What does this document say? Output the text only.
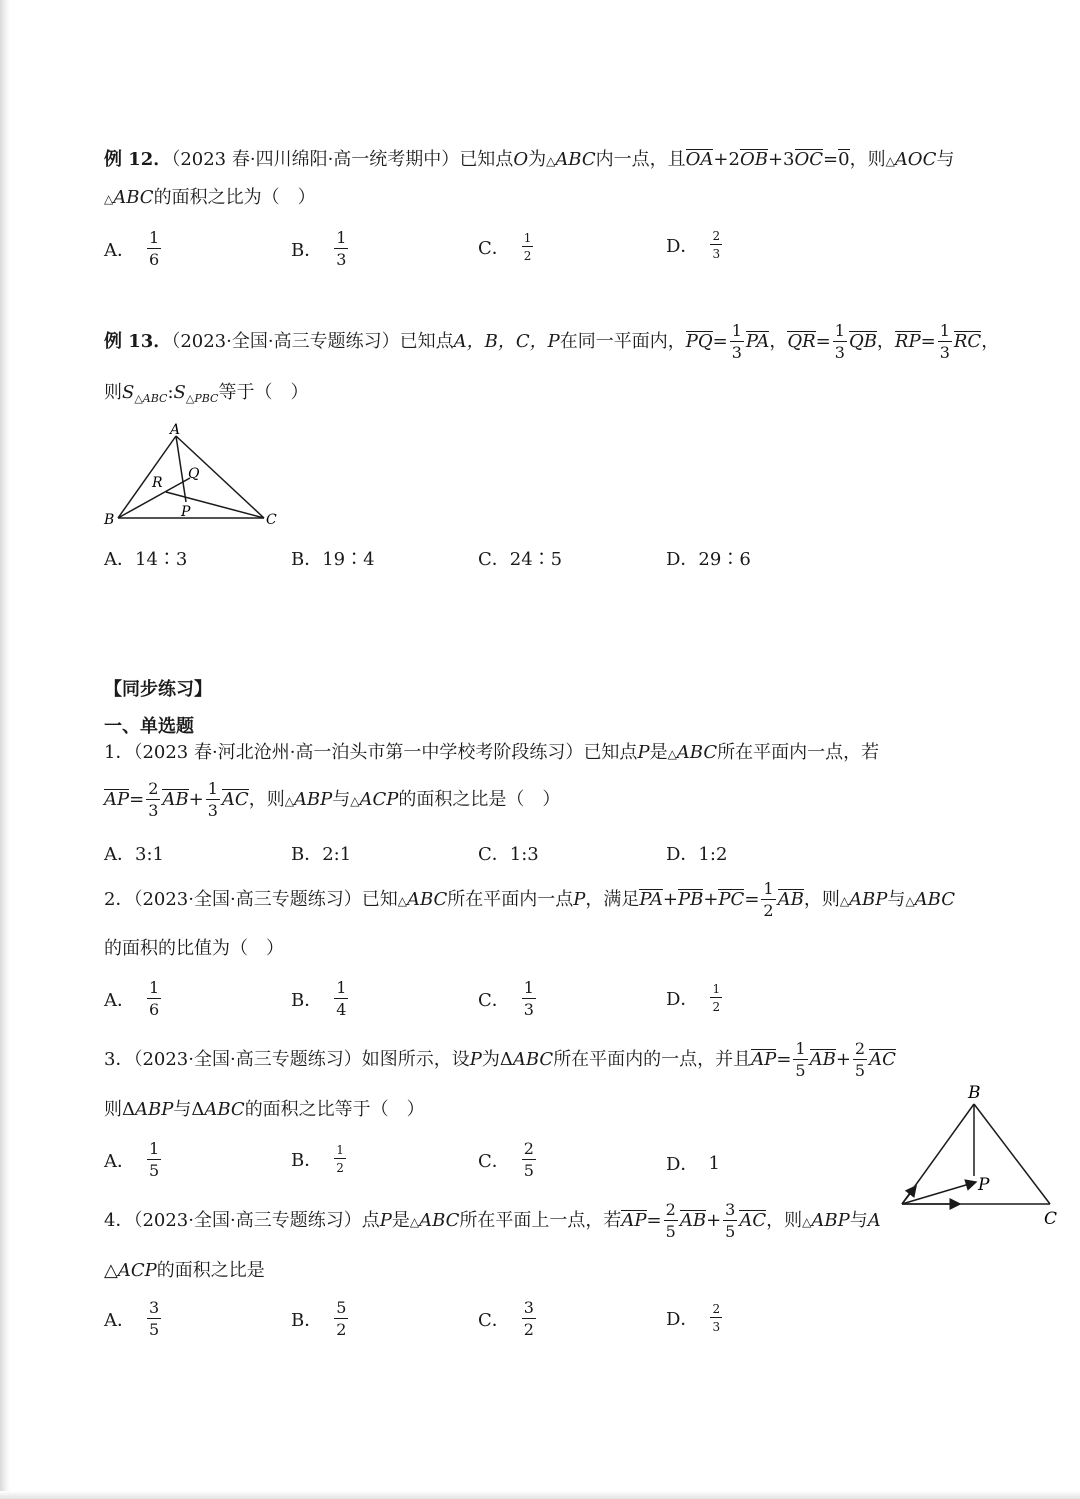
例 12．（2023 春·四川绵阳·高一统考期中）已知点O为△ABC内一点，且OA+2OB+3OC=0，则△AOC与
△ABC的面积之比为（　）
A． $\frac{1}{6}$	B． $\frac{1}{3}$	C． $\frac{1}{2}$	D． $\frac{2}{3}$
例 13．（2023·全国·高三专题练习）已知点A，B，C，P在同一平面内，$PQ= \frac{1}{3}$ PA，$QR= \frac{1}{3}$ QB，$RP= \frac{1}{3}$ RC，
则$S_{\triangle ABC}:S_{\triangle PBC}$等于（　）
A
B	C
R
Q
P
A．14∶3	B．19∶4	C．24∶5	D．29∶6
【同步练习】
一、单选题
1．（2023 春·河北沧州·高一泊头市第一中学校考阶段练习）已知点P是△ABC所在平面内一点，若
$AP= \frac{2}{3} AB+ \frac{1}{3}$ AC，则△ABP与△ACP的面积之比是（　）
A．3:1	B．2:1	C．1:3	D．1:2
2．（2023·全国·高三专题练习）已知△ABC所在平面内一点P，满足$PA+PB+PC= \frac{1}{2}$ AB，则△ABP与△ABC
的面积的比值为（　）
A． $\frac{1}{6}$	B． $\frac{1}{4}$	C． $\frac{1}{3}$	D． $\frac{1}{2}$
3．（2023·全国·高三专题练习）如图所示，设P为ΔABC所在平面内的一点，并且$AP= \frac{1}{5} AB+ \frac{2}{5}$ AC
则ΔABP与ΔABC的面积之比等于（　）
A． $\frac{1}{5}$	B． $\frac{1}{2}$	C． $\frac{2}{5}$	D． 1
B
P
C
4．（2023·全国·高三专题练习）点P是△ABC所在平面上一点，若$AP= \frac{2}{5} AB+ \frac{3}{5}$ AC，则△ABP与A
△ACP的面积之比是
A． $\frac{3}{5}$	B． $\frac{5}{2}$	C． $\frac{3}{2}$	D． $\frac{2}{3}$
